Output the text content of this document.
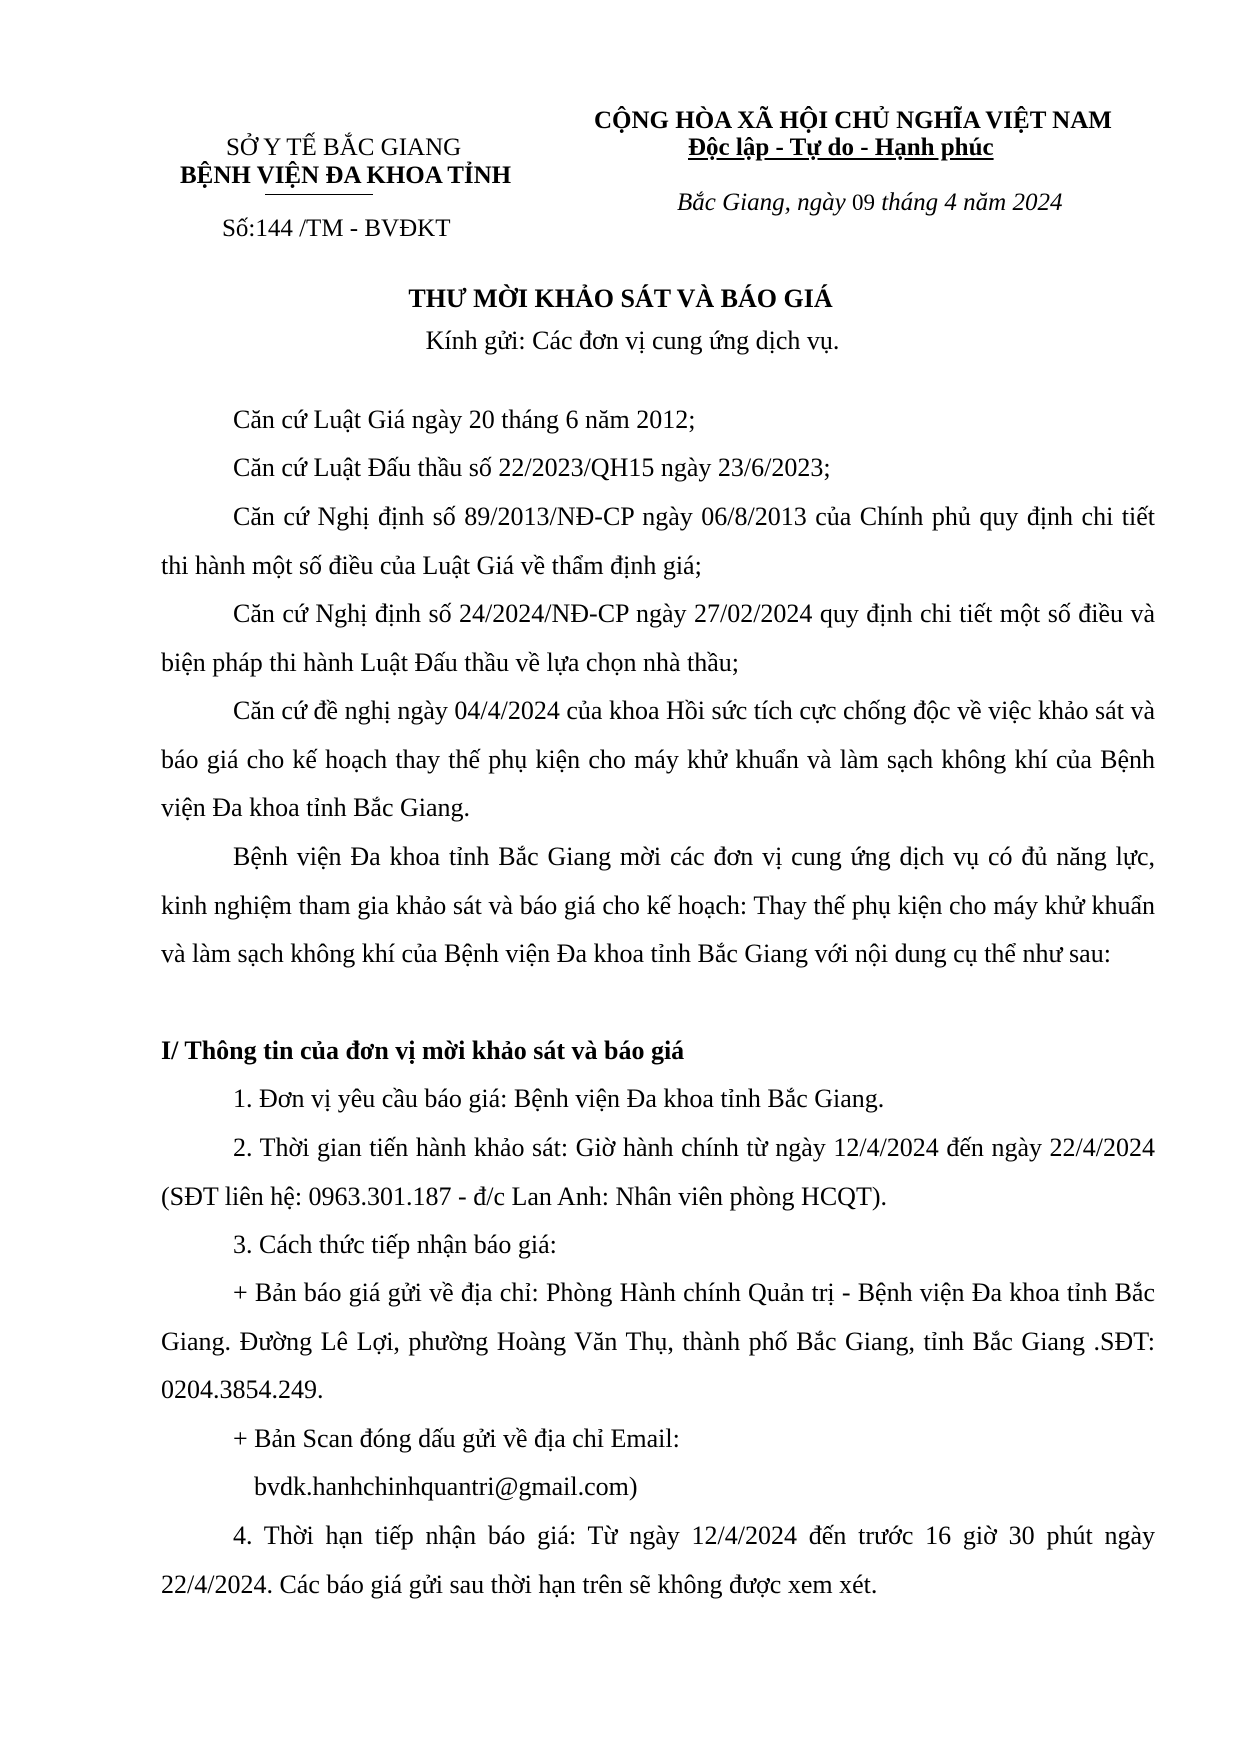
SỞ Y TẾ BẮC GIANG
BỆNH VIỆN ĐA KHOA TỈNH
Số:144 /TM - BVĐKT
CỘNG HÒA XÃ HỘI CHỦ NGHĨA VIỆT NAM
Độc lập - Tự do - Hạnh phúc
Bắc Giang, ngày 09 tháng 4 năm 2024
THƯ MỜI KHẢO SÁT VÀ BÁO GIÁ
Kính gửi: Các đơn vị cung ứng dịch vụ.
Căn cứ Luật Giá ngày 20 tháng 6 năm 2012;
Căn cứ Luật Đấu thầu số 22/2023/QH15 ngày 23/6/2023;
Căn cứ Nghị định số 89/2013/NĐ-CP ngày 06/8/2013 của Chính phủ quy định chi tiết thi hành một số điều của Luật Giá về thẩm định giá;
Căn cứ Nghị định số 24/2024/NĐ-CP ngày 27/02/2024 quy định chi tiết một số điều và biện pháp thi hành Luật Đấu thầu về lựa chọn nhà thầu;
Căn cứ đề nghị ngày 04/4/2024 của khoa Hồi sức tích cực chống độc về việc khảo sát và báo giá cho kế hoạch thay thế phụ kiện cho máy khử khuẩn và làm sạch không khí của Bệnh viện Đa khoa tỉnh Bắc Giang.
Bệnh viện Đa khoa tỉnh Bắc Giang mời các đơn vị cung ứng dịch vụ có đủ năng lực, kinh nghiệm tham gia khảo sát và báo giá cho kế hoạch: Thay thế phụ kiện cho máy khử khuẩn và làm sạch không khí của Bệnh viện Đa khoa tỉnh Bắc Giang với nội dung cụ thể như sau:
I/ Thông tin của đơn vị mời khảo sát và báo giá
1. Đơn vị yêu cầu báo giá: Bệnh viện Đa khoa tỉnh Bắc Giang.
2. Thời gian tiến hành khảo sát: Giờ hành chính từ ngày 12/4/2024 đến ngày 22/4/2024 (SĐT liên hệ: 0963.301.187 - đ/c Lan Anh: Nhân viên phòng HCQT).
3. Cách thức tiếp nhận báo giá:
+ Bản báo giá gửi về địa chỉ: Phòng Hành chính Quản trị - Bệnh viện Đa khoa tỉnh Bắc Giang. Đường Lê Lợi, phường Hoàng Văn Thụ, thành phố Bắc Giang, tỉnh Bắc Giang .SĐT: 0204.3854.249.
+ Bản Scan đóng dấu gửi về địa chỉ Email:
bvdk.hanhchinhquantri@gmail.com)
4. Thời hạn tiếp nhận báo giá: Từ ngày 12/4/2024 đến trước 16 giờ 30 phút ngày 22/4/2024. Các báo giá gửi sau thời hạn trên sẽ không được xem xét.
